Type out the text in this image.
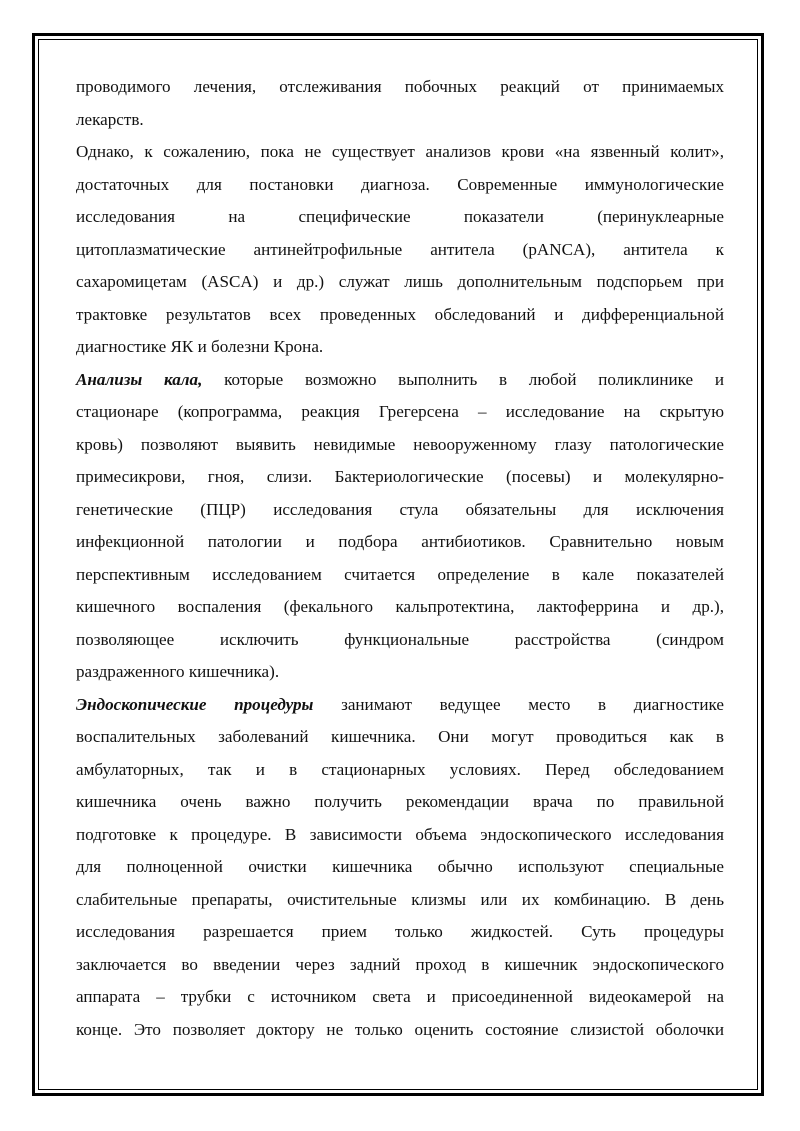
проводимого лечения, отслеживания побочных реакций от принимаемых
лекарств.
Однако, к сожалению, пока не существует анализов крови «на язвенный колит»,
достаточных для постановки диагноза. Современные иммунологические
исследования на специфические показатели (перинуклеарные
цитоплазматические антинейтрофильные антитела (pANCA), антитела к
сахаромицетам (ASCA) и др.) служат лишь дополнительным подспорьем при
трактовке результатов всех проведенных обследований и дифференциальной
диагностике ЯК и болезни Крона.
Анализы кала, которые возможно выполнить в любой поликлинике и
стационаре (копрограмма, реакция Грегерсена – исследование на скрытую
кровь) позволяют выявить невидимые невооруженному глазу патологические
примесикрови, гноя, слизи. Бактериологические (посевы) и молекулярно-
генетические (ПЦР) исследования стула обязательны для исключения
инфекционной патологии и подбора антибиотиков. Сравнительно новым
перспективным исследованием считается определение в кале показателей
кишечного воспаления (фекального кальпротектина, лактоферрина и др.),
позволяющее исключить функциональные расстройства (синдром
раздраженного кишечника).
Эндоскопические процедуры занимают ведущее место в диагностике
воспалительных заболеваний кишечника. Они могут проводиться как в
амбулаторных, так и в стационарных условиях. Перед обследованием
кишечника очень важно получить рекомендации врача по правильной
подготовке к процедуре. В зависимости объема эндоскопического исследования
для полноценной очистки кишечника обычно используют специальные
слабительные препараты, очистительные клизмы или их комбинацию. В день
исследования разрешается прием только жидкостей. Суть процедуры
заключается во введении через задний проход в кишечник эндоскопического
аппарата – трубки с источником света и присоединенной видеокамерой на
конце. Это позволяет доктору не только оценить состояние слизистой оболочки
